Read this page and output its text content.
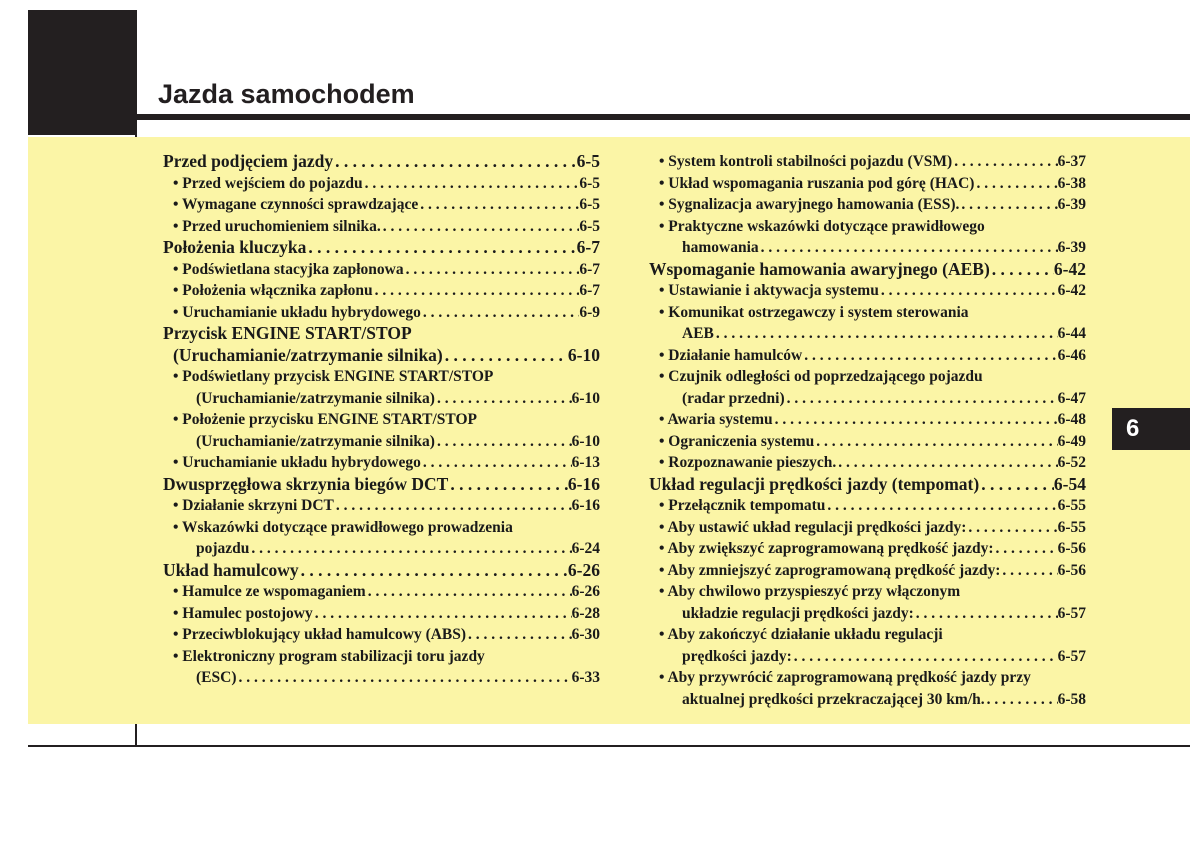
Jazda samochodem
6
Przed podjęciem jazdy . . .	6-5
• Przed wejściem do pojazdu . . .	6-5
• Wymagane czynności sprawdzające . . .	6-5
• Przed uruchomieniem silnika. . . .	6-5
Położenia kluczyka . . .	6-7
• Podświetlana stacyjka zapłonowa . . .	6-7
• Położenia włącznika zapłonu . . .	6-7
• Uruchamianie układu hybrydowego . . .	6-9
Przycisk ENGINE START/STOP
(Uruchamianie/zatrzymanie silnika) . . .	6-10
• Podświetlany przycisk ENGINE START/STOP
(Uruchamianie/zatrzymanie silnika) . . .	6-10
• Położenie przycisku ENGINE START/STOP
(Uruchamianie/zatrzymanie silnika) . . .	6-10
• Uruchamianie układu hybrydowego . . .	6-13
Dwusprzęgłowa skrzynia biegów DCT . . .	6-16
• Działanie skrzyni DCT . . .	6-16
• Wskazówki dotyczące prawidłowego prowadzenia
pojazdu . . .	6-24
Układ hamulcowy . . .	6-26
• Hamulce ze wspomaganiem . . .	6-26
• Hamulec postojowy . . .	6-28
• Przeciwblokujący układ hamulcowy (ABS) . . .	6-30
• Elektroniczny program stabilizacji toru jazdy
(ESC) . . .	6-33
• System kontroli stabilności pojazdu (VSM) . . .	6-37
• Układ wspomagania ruszania pod górę (HAC) . . .	6-38
• Sygnalizacja awaryjnego hamowania (ESS). . . .	6-39
• Praktyczne wskazówki dotyczące prawidłowego
hamowania . . .	6-39
Wspomaganie hamowania awaryjnego (AEB) . . .	6-42
• Ustawianie i aktywacja systemu . . .	6-42
• Komunikat ostrzegawczy i system sterowania
AEB . . .	6-44
• Działanie hamulców . . .	6-46
• Czujnik odległości od poprzedzającego pojazdu
(radar przedni) . . .	6-47
• Awaria systemu . . .	6-48
• Ograniczenia systemu . . .	6-49
• Rozpoznawanie pieszych. . . .	6-52
Układ regulacji prędkości jazdy (tempomat) . . .	6-54
• Przełącznik tempomatu . . .	6-55
• Aby ustawić układ regulacji prędkości jazdy: . . .	6-55
• Aby zwiększyć zaprogramowaną prędkość jazdy: . . .	6-56
• Aby zmniejszyć zaprogramowaną prędkość jazdy: . . .	6-56
• Aby chwilowo przyspieszyć przy włączonym
układzie regulacji prędkości jazdy: . . .	6-57
• Aby zakończyć działanie układu regulacji
prędkości jazdy: . . .	6-57
• Aby przywrócić zaprogramowaną prędkość jazdy przy
aktualnej prędkości przekraczającej 30 km/h. . . .	6-58
